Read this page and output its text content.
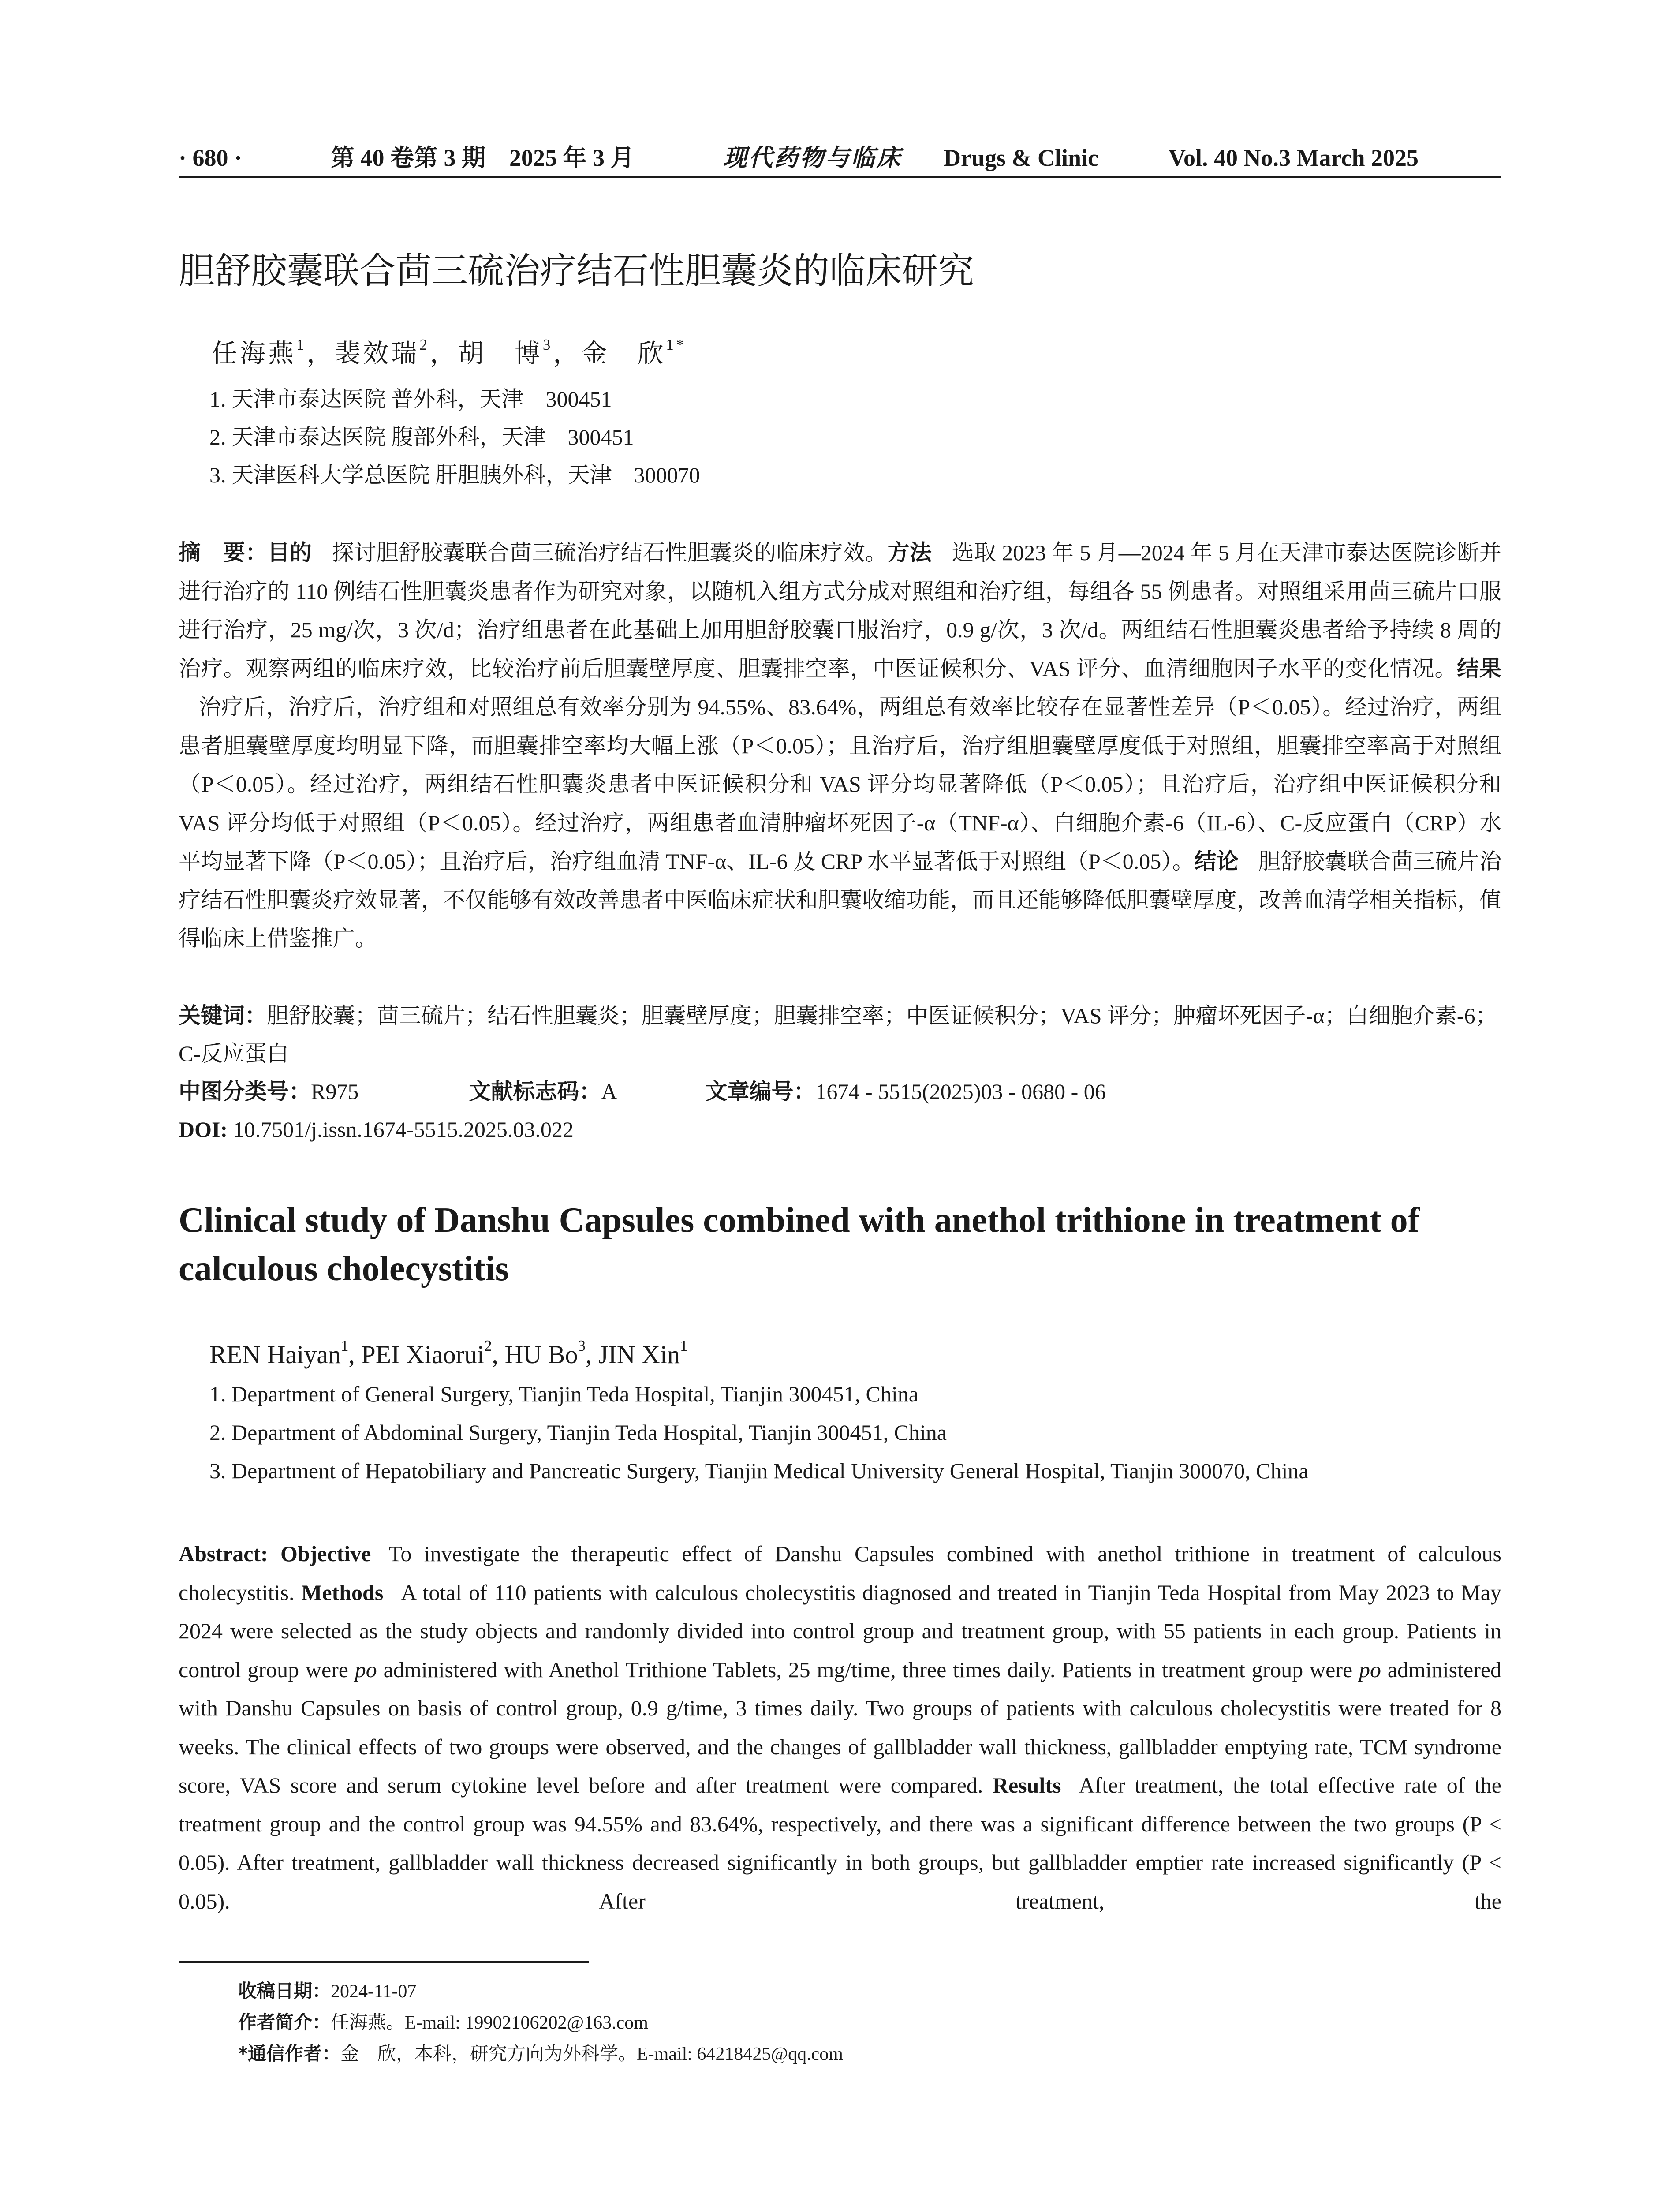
· 680 ·	第 40 卷第 3 期　2025 年 3 月	现代药物与临床 Drugs & Clinic	Vol. 40 No.3 March 2025
胆舒胶囊联合茴三硫治疗结石性胆囊炎的临床研究
任海燕$^1$，裴效瑞$^2$，胡　博$^3$，金　欣$^{1*}$
1. 天津市泰达医院 普外科，天津　300451
2. 天津市泰达医院 腹部外科，天津　300451
3. 天津医科大学总医院 肝胆胰外科，天津　300070
摘　要：目的 探讨胆舒胶囊联合茴三硫治疗结石性胆囊炎的临床疗效。方法 选取 2023 年 5 月—2024 年 5 月在天津市泰达医院诊断并进行治疗的 110 例结石性胆囊炎患者作为研究对象，以随机入组方式分成对照组和治疗组，每组各 55 例患者。对照组采用茴三硫片口服进行治疗，25 mg/次，3 次/d；治疗组患者在此基础上加用胆舒胶囊口服治疗，0.9 g/次，3 次/d。两组结石性胆囊炎患者给予持续 8 周的治疗。观察两组的临床疗效，比较治疗前后胆囊壁厚度、胆囊排空率，中医证候积分、VAS 评分、血清细胞因子水平的变化情况。结果治疗后，治疗后，治疗组和对照组总有效率分别为 94.55%、83.64%，两组总有效率比较存在显著性差异（P＜0.05）。经过治疗，两组患者胆囊壁厚度均明显下降，而胆囊排空率均大幅上涨（P＜0.05）；且治疗后，治疗组胆囊壁厚度低于对照组，胆囊排空率高于对照组（P＜0.05）。经过治疗，两组结石性胆囊炎患者中医证候积分和 VAS 评分均显著降低（P＜0.05）；且治疗后，治疗组中医证候积分和 VAS 评分均低于对照组（P＜0.05）。经过治疗，两组患者血清肿瘤坏死因子-α（TNF-α）、白细胞介素-6（IL-6）、C-反应蛋白（CRP）水平均显著下降（P＜0.05）；且治疗后，治疗组血清 TNF-α、IL-6 及 CRP 水平显著低于对照组（P＜0.05）。结论 胆舒胶囊联合茴三硫片治疗结石性胆囊炎疗效显著，不仅能够有效改善患者中医临床症状和胆囊收缩功能，而且还能够降低胆囊壁厚度，改善血清学相关指标，值得临床上借鉴推广。
关键词：胆舒胶囊；茴三硫片；结石性胆囊炎；胆囊壁厚度；胆囊排空率；中医证候积分；VAS 评分；肿瘤坏死因子-α；白细胞介素-6；C-反应蛋白
中图分类号：R975	文献标志码：A	文章编号：1674 - 5515(2025)03 - 0680 - 06
DOI: 10.7501/j.issn.1674-5515.2025.03.022
Clinical study of Danshu Capsules combined with anethol trithione in treatment of calculous cholecystitis
REN Haiyan$^1$, PEI Xiaorui$^2$, HU Bo$^3$, JIN Xin$^1$
1. Department of General Surgery, Tianjin Teda Hospital, Tianjin 300451, China
2. Department of Abdominal Surgery, Tianjin Teda Hospital, Tianjin 300451, China
3. Department of Hepatobiliary and Pancreatic Surgery, Tianjin Medical University General Hospital, Tianjin 300070, China
Abstract: Objective To investigate the therapeutic effect of Danshu Capsules combined with anethol trithione in treatment of calculous cholecystitis. Methods A total of 110 patients with calculous cholecystitis diagnosed and treated in Tianjin Teda Hospital from May 2023 to May 2024 were selected as the study objects and randomly divided into control group and treatment group, with 55 patients in each group. Patients in control group were po administered with Anethol Trithione Tablets, 25 mg/time, three times daily. Patients in treatment group were po administered with Danshu Capsules on basis of control group, 0.9 g/time, 3 times daily. Two groups of patients with calculous cholecystitis were treated for 8 weeks. The clinical effects of two groups were observed, and the changes of gallbladder wall thickness, gallbladder emptying rate, TCM syndrome score, VAS score and serum cytokine level before and after treatment were compared. Results After treatment, the total effective rate of the treatment group and the control group was 94.55% and 83.64%, respectively, and there was a significant difference between the two groups (P < 0.05). After treatment, gallbladder wall thickness decreased significantly in both groups, but gallbladder emptier rate increased significantly (P < 0.05). After treatment, the
收稿日期：2024-11-07
作者简介：任海燕。E-mail: 19902106202@163.com
*通信作者：金　欣，本科，研究方向为外科学。E-mail: 64218425@qq.com
